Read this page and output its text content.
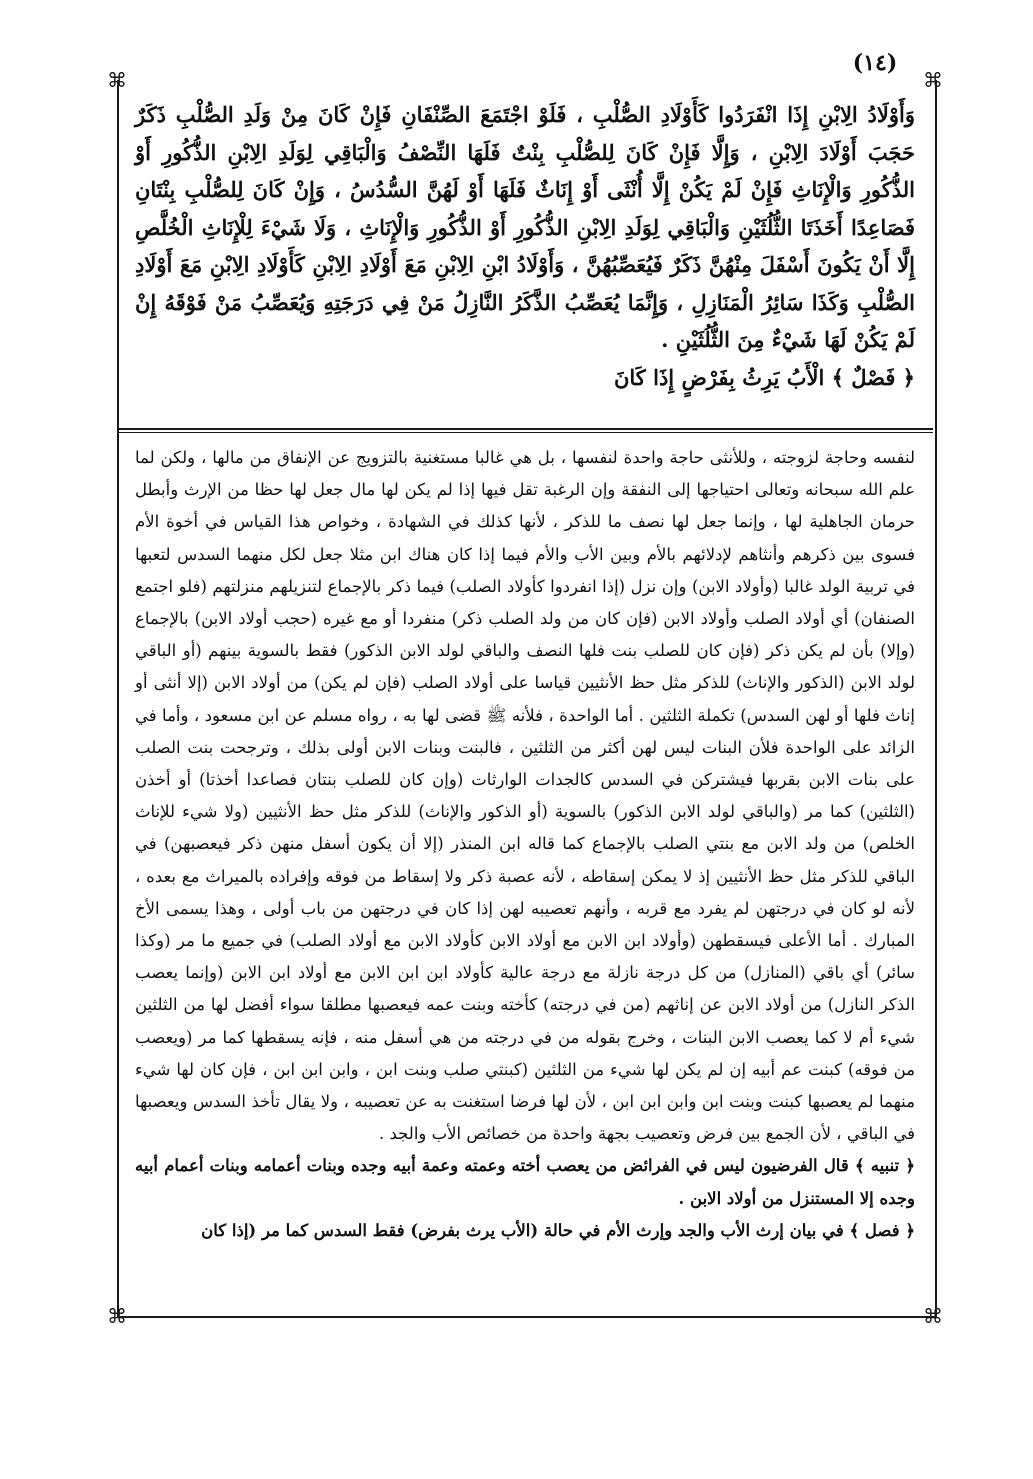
(١٤)
⌘	⌘
⌘	⌘

وَأَوْلَادُ الِابْنِ إِذَا انْفَرَدُوا كَأَوْلَادِ الصُّلْبِ ، فَلَوْ اجْتَمَعَ الصِّنْفَانِ فَإِنْ كَانَ مِنْ وَلَدِ الصُّلْبِ ذَكَرٌ حَجَبَ أَوْلَادَ الِابْنِ ، وَإِلَّا فَإِنْ كَانَ لِلصُّلْبِ بِنْتٌ فَلَهَا النِّصْفُ وَالْبَاقِي لِوَلَدِ الِابْنِ الذُّكُورِ أَوْ الذُّكُورِ وَالْإِنَاثِ فَإِنْ لَمْ يَكُنْ إِلَّا أُنْثَى أَوْ إِنَاثٌ فَلَهَا أَوْ لَهُنَّ السُّدُسُ ، وَإِنْ كَانَ لِلصُّلْبِ بِنْتَانِ فَصَاعِدًا أَخَذَتَا الثُّلُثَيْنِ وَالْبَاقِي لِوَلَدِ الِابْنِ الذُّكُورِ أَوْ الذُّكُورِ وَالْإِنَاثِ ، وَلَا شَيْءَ لِلْإِنَاثِ الْخُلَّصِ إِلَّا أَنْ يَكُونَ أَسْفَلَ مِنْهُنَّ ذَكَرٌ فَيُعَصِّبُهُنَّ ، وَأَوْلَادُ ابْنِ الِابْنِ مَعَ أَوْلَادِ الِابْنِ كَأَوْلَادِ الِابْنِ مَعَ أَوْلَادِ الصُّلْبِ وَكَذَا سَائِرُ الْمَنَازِلِ ، وَإِنَّمَا يُعَصِّبُ الذَّكَرُ النَّازِلُ مَنْ فِي دَرَجَتِهِ وَيُعَصِّبُ مَنْ فَوْقَهُ إِنْ لَمْ يَكُنْ لَهَا شَيْءٌ مِنَ الثُّلُثَيْنِ .

﴿ فَصْلٌ ﴾ الْأَبُ يَرِثُ بِفَرْضٍ إِذَا كَانَ

لنفسه وحاجة لزوجته ، وللأنثى حاجة واحدة لنفسها ، بل هي غالبا مستغنية بالتزويج عن الإنفاق من مالها ، ولكن لما علم الله سبحانه وتعالى احتياجها إلى النفقة وإن الرغبة تقل فيها إذا لم يكن لها مال جعل لها حظا من الإرث وأبطل حرمان الجاهلية لها ، وإنما جعل لها نصف ما للذكر ، لأنها كذلك في الشهادة ، وخواص هذا القياس في أخوة الأم فسوى بين ذكرهم وأنثاهم لإدلائهم بالأم وبين الأب والأم فيما إذا كان هناك ابن مثلا جعل لكل منهما السدس لتعبها في تربية الولد غالبا (وأولاد الابن) وإن نزل (إذا انفردوا كأولاد الصلب) فيما ذكر بالإجماع لتنزيلهم منزلتهم (فلو اجتمع الصنفان) أي أولاد الصلب وأولاد الابن (فإن كان من ولد الصلب ذكر) منفردا أو مع غيره (حجب أولاد الابن) بالإجماع (وإلا) بأن لم يكن ذكر (فإن كان للصلب بنت فلها النصف والباقي لولد الابن الذكور) فقط بالسوية بينهم (أو الباقي لولد الابن (الذكور والإناث) للذكر مثل حظ الأنثيين قياسا على أولاد الصلب (فإن لم يكن) من أولاد الابن (إلا أنثى أو إناث فلها أو لهن السدس) تكملة الثلثين . أما الواحدة ، فلأنه ﷺ قضى لها به ، رواه مسلم عن ابن مسعود ، وأما في الزائد على الواحدة فلأن البنات ليس لهن أكثر من الثلثين ، فالبنت وبنات الابن أولى بذلك ، وترجحت بنت الصلب على بنات الابن بقربها فيشتركن في السدس كالجدات الوارثات (وإن كان للصلب بنتان فصاعدا أخذتا) أو أخذن (الثلثين) كما مر (والباقي لولد الابن الذكور) بالسوية (أو الذكور والإناث) للذكر مثل حظ الأنثيين (ولا شيء للإناث الخلص) من ولد الابن مع بنتي الصلب بالإجماع كما قاله ابن المنذر (إلا أن يكون أسفل منهن ذكر فيعصبهن) في الباقي للذكر مثل حظ الأنثيين إذ لا يمكن إسقاطه ، لأنه عصبة ذكر ولا إسقاط من فوقه وإفراده بالميراث مع بعده ، لأنه لو كان في درجتهن لم يفرد مع قربه ، وأنهم تعصيبه لهن إذا كان في درجتهن من باب أولى ، وهذا يسمى الأخ المبارك . أما الأعلى فيسقطهن (وأولاد ابن الابن مع أولاد الابن كأولاد الابن مع أولاد الصلب) في جميع ما مر (وكذا سائر) أي باقي (المنازل) من كل درجة نازلة مع درجة عالية كأولاد ابن ابن الابن مع أولاد ابن الابن (وإنما يعصب الذكر النازل) من أولاد الابن عن إناثهم (من في درجته) كأخته وبنت عمه فيعصبها مطلقا سواء أفضل لها من الثلثين شيء أم لا كما يعصب الابن البنات ، وخرج بقوله من في درجته من هي أسفل منه ، فإنه يسقطها كما مر (ويعصب من فوقه) كبنت عم أبيه إن لم يكن لها شيء من الثلثين (كبنتي صلب وبنت ابن ، وابن ابن ابن ، فإن كان لها شيء منهما لم يعصبها كبنت وبنت ابن وابن ابن ابن ، لأن لها فرضا استغنت به عن تعصيبه ، ولا يقال تأخذ السدس ويعصبها في الباقي ، لأن الجمع بين فرض وتعصيب بجهة واحدة من خصائص الأب والجد .

﴿ تنبيه ﴾ قال الفرضيون ليس في الفرائض من يعصب أخته وعمته وعمة أبيه وجده وبنات أعمامه وبنات أعمام أبيه وجده إلا المستنزل من أولاد الابن .

﴿ فصل ﴾ في بيان إرث الأب والجد وإرث الأم في حالة (الأب يرث بفرض) فقط السدس كما مر (إذا كان
